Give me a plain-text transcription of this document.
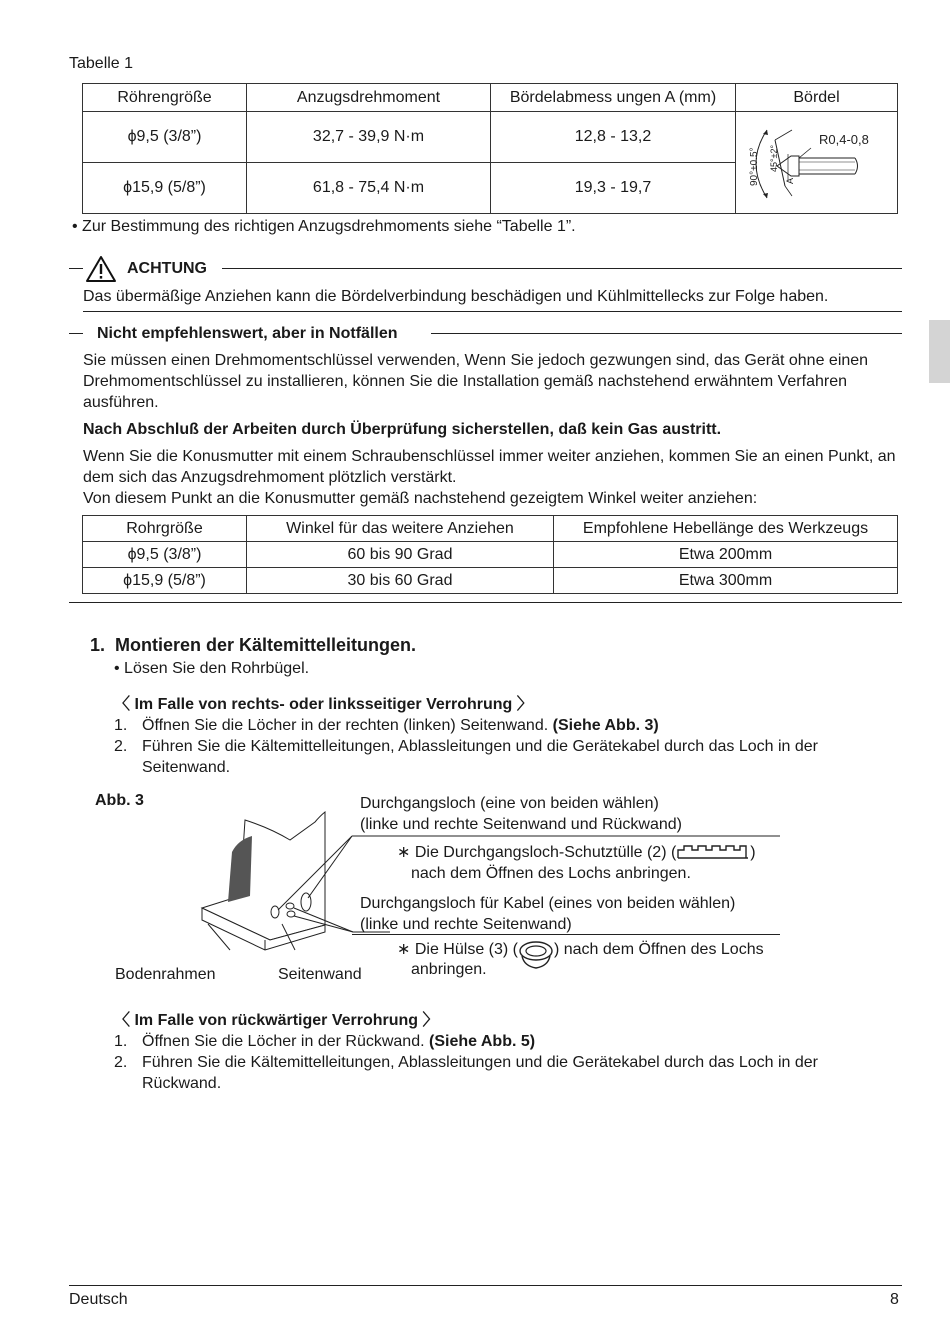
Tabelle 1
Röhrengröße	Anzugsdrehmoment	Bördelabmess ungen A (mm)	Bördel
ϕ9,5 (3/8”)	32,7 - 39,9 N·m	12,8 - 13,2	90°±0.5° 45°±2°
A
R0,4-0,8

ϕ15,9 (5/8”)	61,8 - 75,4 N·m	19,3 - 19,7	
• Zur Bestimmung des richtigen Anzugsdrehmoments siehe “Tabelle 1”.
ACHTUNG
Das übermäßige Anziehen kann die Bördelverbindung beschädigen und Kühlmittellecks zur Folge haben.
Nicht empfehlenswert, aber in Notfällen
Sie müssen einen Drehmomentschlüssel verwenden, Wenn Sie jedoch gezwungen sind, das Gerät ohne einen Drehmomentschlüssel zu installieren, können Sie die Installation gemäß nachstehend erwähntem Verfahren ausführen.
Nach Abschluß der Arbeiten durch Überprüfung sicherstellen, daß kein Gas austritt.
Wenn Sie die Konusmutter mit einem Schraubenschlüssel immer weiter anziehen, kommen Sie an einen Punkt, an dem sich das Anzugsdrehmoment plötzlich verstärkt.
Von diesem Punkt an die Konusmutter gemäß nachstehend gezeigtem Winkel weiter anziehen:
Rohrgröße	Winkel für das weitere Anziehen	Empfohlene Hebellänge des Werkzeugs
ϕ9,5 (3/8”)	60 bis 90 Grad	Etwa 200mm
ϕ15,9 (5/8”)	30 bis 60 Grad	Etwa 300mm
1.  Montieren der Kältemittelleitungen.
• Lösen Sie den Rohrbügel.
〈 Im Falle von rechts- oder linksseitiger Verrohrung 〉
1. Öffnen Sie die Löcher in der rechten (linken) Seitenwand. (Siehe Abb. 3)
2. Führen Sie die Kältemittelleitungen, Ablassleitungen und die Gerätekabel durch das Loch in der
Seitenwand.
Abb. 3	Durchgangsloch (eine von beiden wählen)
(linke und rechte Seitenwand und Rückwand)
∗ Die Durchgangsloch-Schutztülle (2) (	)
nach dem Öffnen des Lochs anbringen.
Durchgangsloch für Kabel (eines von beiden wählen)
(linke und rechte Seitenwand)
∗ Die Hülse (3) ( ) nach dem Öffnen des Lochs
anbringen.
Bodenrahmen	Seitenwand
〈 Im Falle von rückwärtiger Verrohrung 〉
1. Öffnen Sie die Löcher in der Rückwand. (Siehe Abb. 5)
2. Führen Sie die Kältemittelleitungen, Ablassleitungen und die Gerätekabel durch das Loch in der
Rückwand.
Deutsch	8
